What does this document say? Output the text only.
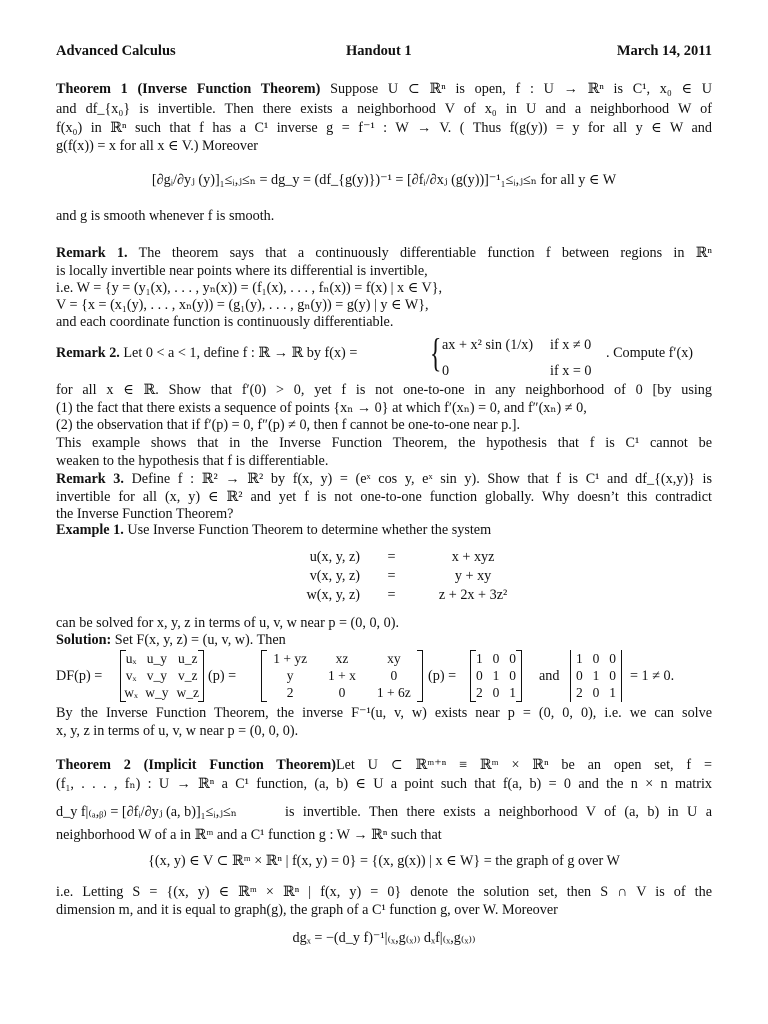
Advanced Calculus	Handout 1	March 14, 2011
Theorem 1 (Inverse Function Theorem) Suppose U ⊂ ℝⁿ is open, f : U → ℝⁿ is C¹, x₀ ∈ U
and df_{x₀} is invertible. Then there exists a neighborhood V of x₀ in U and a neighborhood W of
f(x₀) in ℝⁿ such that f has a C¹ inverse g = f⁻¹ : W → V. ( Thus f(g(y)) = y for all y ∈ W and
g(f(x)) = x for all x ∈ V.) Moreover
[∂gᵢ/∂yⱼ (y)]₁≤ᵢ,ⱼ≤ₙ = dg_y = (df_{g(y)})⁻¹ = [∂fᵢ/∂xⱼ (g(y))]⁻¹₁≤ᵢ,ⱼ≤ₙ for all y ∈ W
and g is smooth whenever f is smooth.
Remark 1. The theorem says that a continuously differentiable function f between regions in ℝⁿ
is locally invertible near points where its differential is invertible,
i.e. W = {y = (y₁(x), . . . , yₙ(x)) = (f₁(x), . . . , fₙ(x)) = f(x) | x ∈ V},
V = {x = (x₁(y), . . . , xₙ(y)) = (g₁(y), . . . , gₙ(y)) = g(y) | y ∈ W},
and each coordinate function is continuously differentiable.
Remark 2. Let 0 < a < 1, define f : ℝ → ℝ by f(x) = { ax + x² sin (1/x) if x ≠ 0
0	if x = 0
. Compute f′(x)
for all x ∈ ℝ. Show that f′(0) > 0, yet f is not one-to-one in any neighborhood of 0 [by using
(1) the fact that there exists a sequence of points {xₙ → 0} at which f′(xₙ) = 0, and f″(xₙ) ≠ 0,
(2) the observation that if f′(p) = 0, f″(p) ≠ 0, then f cannot be one-to-one near p.].
This example shows that in the Inverse Function Theorem, the hypothesis that f is C¹ cannot be
weaken to the hypothesis that f is differentiable.
Remark 3. Define f : ℝ² → ℝ² by f(x, y) = (eˣ cos y, eˣ sin y). Show that f is C¹ and df_{(x,y)} is
invertible for all (x, y) ∈ ℝ² and yet f is not one-to-one function globally. Why doesn’t this contradict
the Inverse Function Theorem?
Example 1. Use Inverse Function Theorem to determine whether the system
u(x, y, z) =	x + xyz
v(x, y, z) =	y + xy
w(x, y, z) =	z + 2x + 3z²
can be solved for x, y, z in terms of u, v, w near p = (0, 0, 0).
Solution: Set F(x, y, z) = (u, v, w). Then
DF(p) =
uₓ	u_y	u_z
vₓ	v_y	v_z
wₓ	w_y	w_z
(p) =
1 + yz	xz	xy
y	1 + x	0
2	0	1 + 6z
(p) =
1	0	0
0	1	0
2	0	1
and
1	0	0
0	1	0
2	0	1
= 1 ≠ 0.
By the Inverse Function Theorem, the inverse F⁻¹(u, v, w) exists near p = (0, 0, 0), i.e. we can solve
x, y, z in terms of u, v, w near p = (0, 0, 0).
Theorem 2 (Implicit Function Theorem)Let U ⊂ ℝᵐ⁺ⁿ ≡ ℝᵐ × ℝⁿ be an open set, f =
(f₁, . . . , fₙ) : U → ℝⁿ a C¹ function, (a, b) ∈ U a point such that f(a, b) = 0 and the n × n matrix
d_y f|₍ₐ,ᵦ₎ = [∂fᵢ/∂yⱼ (a, b)]₁≤ᵢ,ⱼ≤ₙ	is invertible. Then there exists a neighborhood V of (a, b) in U a
neighborhood W of a in ℝᵐ and a C¹ function g : W → ℝⁿ such that
{(x, y) ∈ V ⊂ ℝᵐ × ℝⁿ | f(x, y) = 0} = {(x, g(x)) | x ∈ W} = the graph of g over W
i.e. Letting S = {(x, y) ∈ ℝᵐ × ℝⁿ | f(x, y) = 0} denote the solution set, then S ∩ V is of the
dimension m, and it is equal to graph(g), the graph of a C¹ function g, over W. Moreover
dgₓ = −(d_y f)⁻¹|₍ₓ,g₍ₓ₎₎ dₓf|₍ₓ,g₍ₓ₎₎
